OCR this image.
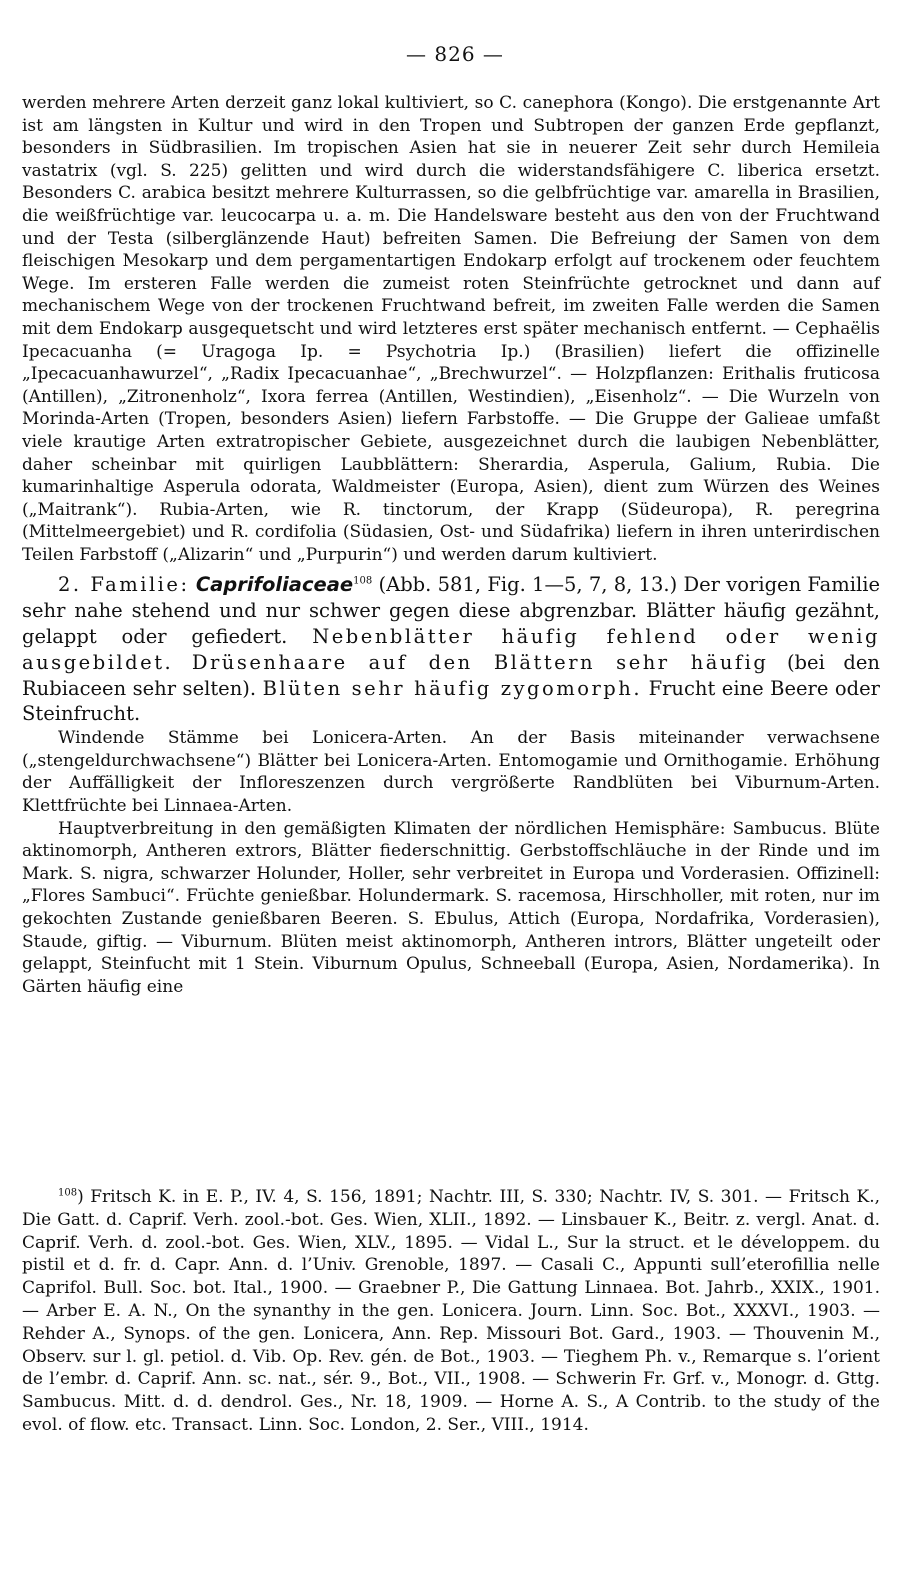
— 826 —

werden mehrere Arten derzeit ganz lokal kultiviert, so C. canephora (Kongo). Die erstgenannte Art ist am längsten in Kultur und wird in den Tropen und Subtropen der ganzen Erde gepflanzt, besonders in Südbrasilien. Im tropischen Asien hat sie in neuerer Zeit sehr durch Hemileia vastatrix (vgl. S. 225) gelitten und wird durch die widerstandsfähigere C. liberica ersetzt. Besonders C. arabica besitzt mehrere Kulturrassen, so die gelbfrüchtige var. amarella in Brasilien, die weißfrüchtige var. leucocarpa u. a. m. Die Handelsware besteht aus den von der Fruchtwand und der Testa (silberglänzende Haut) befreiten Samen. Die Befreiung der Samen von dem fleischigen Mesokarp und dem pergamentartigen Endokarp erfolgt auf trockenem oder feuchtem Wege. Im ersteren Falle werden die zumeist roten Steinfrüchte getrocknet und dann auf mechanischem Wege von der trockenen Fruchtwand befreit, im zweiten Falle werden die Samen mit dem Endokarp ausgequetscht und wird letzteres erst später mechanisch entfernt. — Cephaëlis Ipecacuanha (= Uragoga Ip. = Psychotria Ip.) (Brasilien) liefert die offizinelle „Ipecacuanhawurzel“, „Radix Ipecacuanhae“, „Brechwurzel“. — Holzpflanzen: Erithalis fruticosa (Antillen), „Zitronenholz“, Ixora ferrea (Antillen, Westindien), „Eisenholz“. — Die Wurzeln von Morinda-Arten (Tropen, besonders Asien) liefern Farbstoffe. — Die Gruppe der Galieae umfaßt viele krautige Arten extratropischer Gebiete, ausgezeichnet durch die laubigen Nebenblätter, daher scheinbar mit quirligen Laubblättern: Sherardia, Asperula, Galium, Rubia. Die kumarinhaltige Asperula odorata, Waldmeister (Europa, Asien), dient zum Würzen des Weines („Maitrank“). Rubia-Arten, wie R. tinctorum, der Krapp (Südeuropa), R. peregrina (Mittelmeergebiet) und R. cordifolia (Südasien, Ost- und Südafrika) liefern in ihren unterirdischen Teilen Farbstoff („Alizarin“ und „Purpurin“) und werden darum kultiviert.

2. Familie: Caprifoliaceae$^{108}$ (Abb. 581, Fig. 1—5, 7, 8, 13.) Der vorigen Familie sehr nahe stehend und nur schwer gegen diese abgrenzbar. Blätter häufig gezähnt, gelappt oder gefiedert. Nebenblätter häufig fehlend oder wenig ausgebildet. Drüsenhaare auf den Blättern sehr häufig (bei den Rubiaceen sehr selten). Blüten sehr häufig zygomorph. Frucht eine Beere oder Steinfrucht.

Windende Stämme bei Lonicera-Arten. An der Basis miteinander verwachsene („stengeldurchwachsene“) Blätter bei Lonicera-Arten. Entomogamie und Ornithogamie. Erhöhung der Auffälligkeit der Infloreszenzen durch vergrößerte Randblüten bei Viburnum-Arten. Klettfrüchte bei Linnaea-Arten.

Hauptverbreitung in den gemäßigten Klimaten der nördlichen Hemisphäre: Sambucus. Blüte aktinomorph, Antheren extrors, Blätter fiederschnittig. Gerbstoffschläuche in der Rinde und im Mark. S. nigra, schwarzer Holunder, Holler, sehr verbreitet in Europa und Vorderasien. Offizinell: „Flores Sambuci“. Früchte genießbar. Holundermark. S. racemosa, Hirschholler, mit roten, nur im gekochten Zustande genießbaren Beeren. S. Ebulus, Attich (Europa, Nordafrika, Vorderasien), Staude, giftig. — Viburnum. Blüten meist aktinomorph, Antheren intrors, Blätter ungeteilt oder gelappt, Steinfucht mit 1 Stein. Viburnum Opulus, Schneeball (Europa, Asien, Nordamerika). In Gärten häufig eine

$^{108}$) Fritsch K. in E. P., IV. 4, S. 156, 1891; Nachtr. III, S. 330; Nachtr. IV, S. 301. — Fritsch K., Die Gatt. d. Caprif. Verh. zool.-bot. Ges. Wien, XLII., 1892. — Linsbauer K., Beitr. z. vergl. Anat. d. Caprif. Verh. d. zool.-bot. Ges. Wien, XLV., 1895. — Vidal L., Sur la struct. et le développem. du pistil et d. fr. d. Capr. Ann. d. l’Univ. Grenoble, 1897. — Casali C., Appunti sull’eterofillia nelle Caprifol. Bull. Soc. bot. Ital., 1900. — Graebner P., Die Gattung Linnaea. Bot. Jahrb., XXIX., 1901. — Arber E. A. N., On the synanthy in the gen. Lonicera. Journ. Linn. Soc. Bot., XXXVI., 1903. — Rehder A., Synops. of the gen. Lonicera, Ann. Rep. Missouri Bot. Gard., 1903. — Thouvenin M., Observ. sur l. gl. petiol. d. Vib. Op. Rev. gén. de Bot., 1903. — Tieghem Ph. v., Remarque s. l’orient de l’embr. d. Caprif. Ann. sc. nat., sér. 9., Bot., VII., 1908. — Schwerin Fr. Grf. v., Monogr. d. Gttg. Sambucus. Mitt. d. d. dendrol. Ges., Nr. 18, 1909. — Horne A. S., A Contrib. to the study of the evol. of flow. etc. Transact. Linn. Soc. London, 2. Ser., VIII., 1914.
